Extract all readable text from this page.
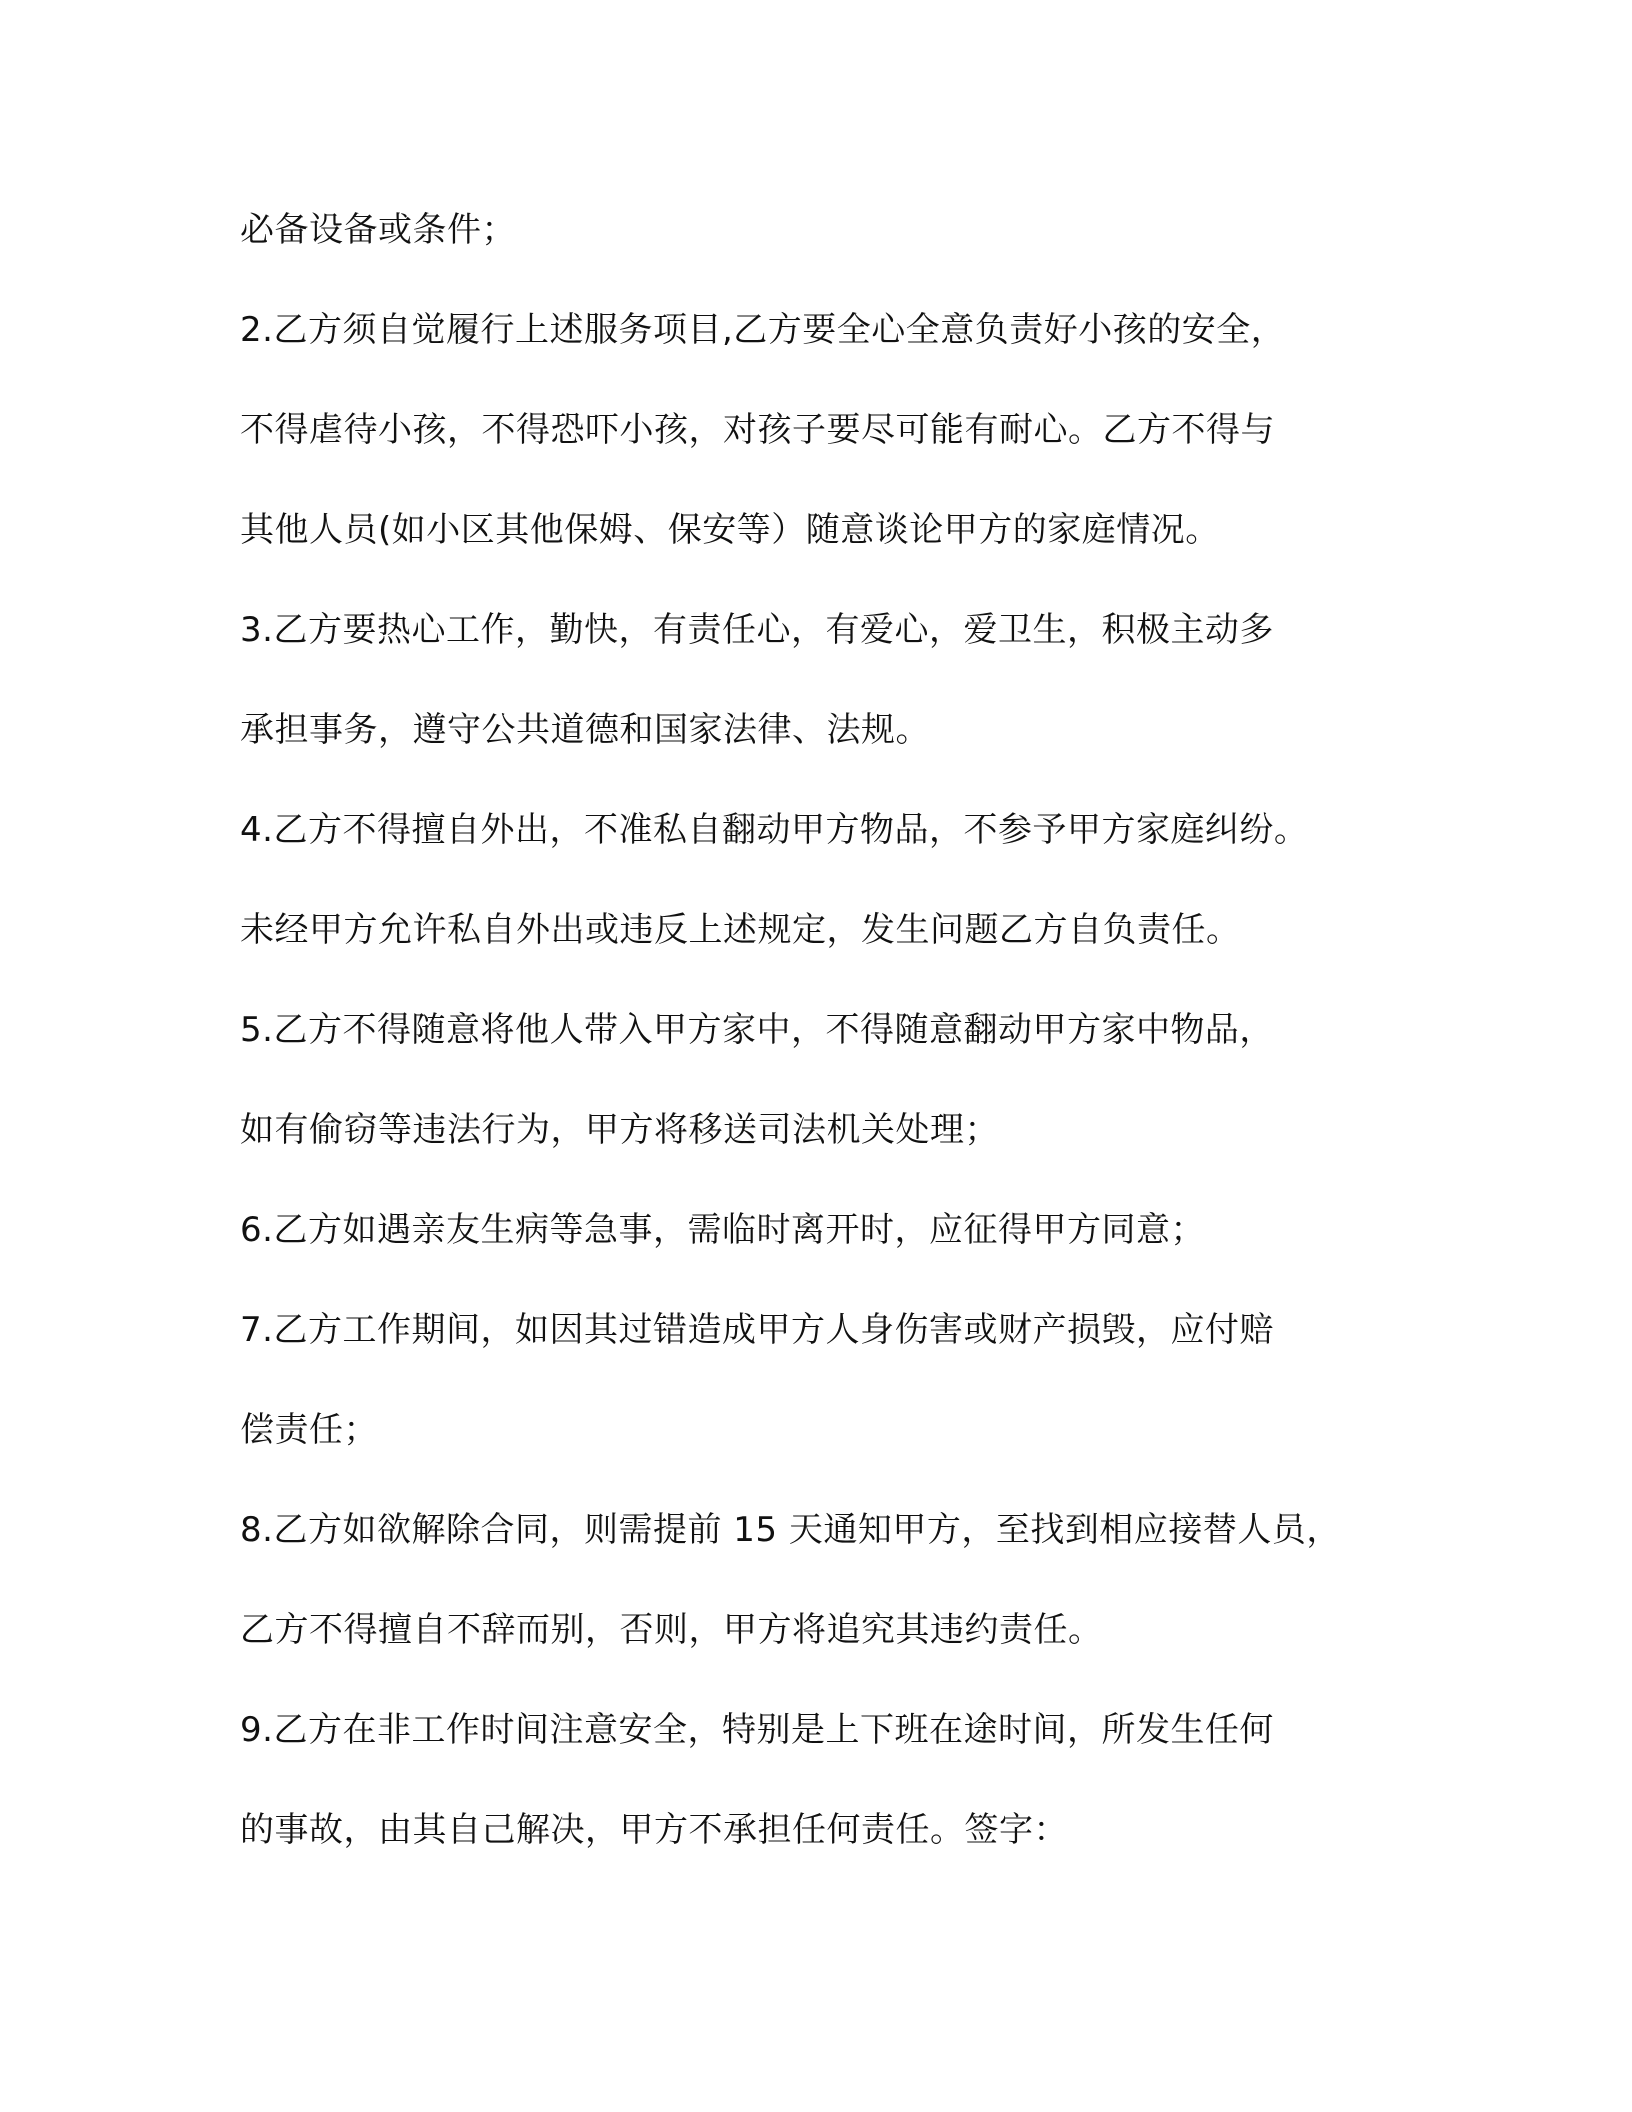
必备设备或条件；
2.乙方须自觉履行上述服务项目,乙方要全心全意负责好小孩的安全，
不得虐待小孩，不得恐吓小孩，对孩子要尽可能有耐心。乙方不得与
其他人员(如小区其他保姆、保安等）随意谈论甲方的家庭情况。
3.乙方要热心工作，勤快，有责任心，有爱心，爱卫生，积极主动多
承担事务，遵守公共道德和国家法律、法规。
4.乙方不得擅自外出，不准私自翻动甲方物品，不参予甲方家庭纠纷。
未经甲方允许私自外出或违反上述规定，发生问题乙方自负责任。
5.乙方不得随意将他人带入甲方家中，不得随意翻动甲方家中物品，
如有偷窃等违法行为，甲方将移送司法机关处理；
6.乙方如遇亲友生病等急事，需临时离开时，应征得甲方同意；
7.乙方工作期间，如因其过错造成甲方人身伤害或财产损毁，应付赔
偿责任；
8.乙方如欲解除合同，则需提前 15 天通知甲方，至找到相应接替人员，
乙方不得擅自不辞而别，否则，甲方将追究其违约责任。
9.乙方在非工作时间注意安全，特别是上下班在途时间，所发生任何
的事故，由其自己解决，甲方不承担任何责任。签字：
